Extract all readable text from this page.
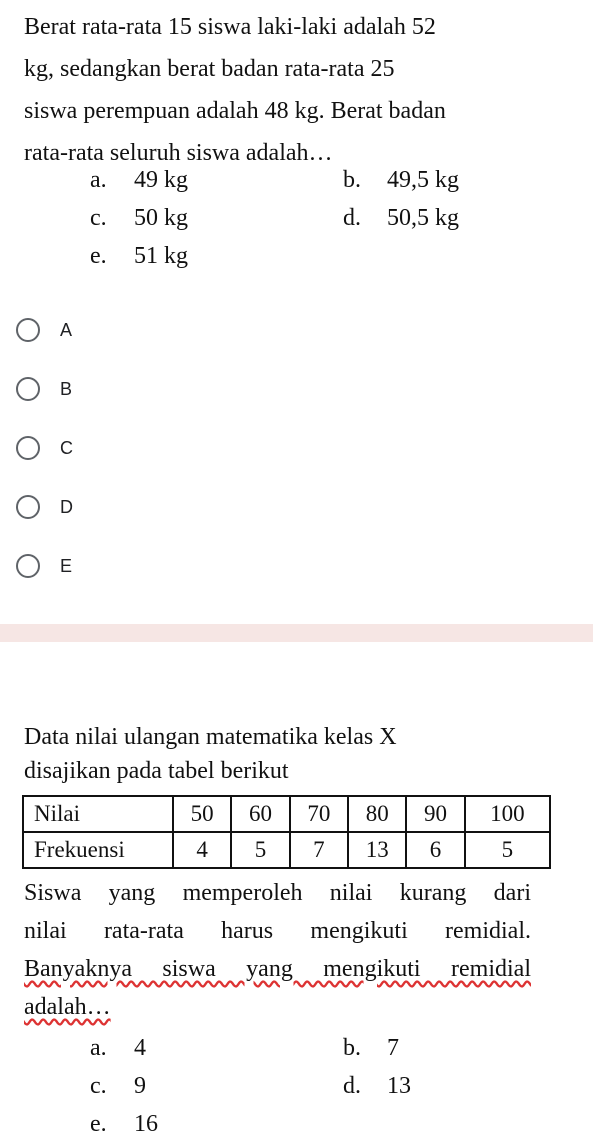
Berat rata-rata 15 siswa laki-laki adalah 52
kg, sedangkan berat badan rata-rata 25
siswa perempuan adalah 48 kg. Berat badan
rata-rata seluruh siswa adalah…
a. 49 kg	b. 49,5 kg
c. 50 kg	d. 50,5 kg
e. 51 kg
A
B
C
D
E
Data nilai ulangan matematika kelas X
disajikan pada tabel berikut
Nilai	50	60	70	80	90	100
Frekuensi	4	5	7	13	6	5
Siswa yang memperoleh nilai kurang dari
nilai rata-rata harus mengikuti remidial.
Banyaknya siswa yang mengikuti remidial
adalah…
a. 4	b. 7
c. 9	d. 13
e. 16
